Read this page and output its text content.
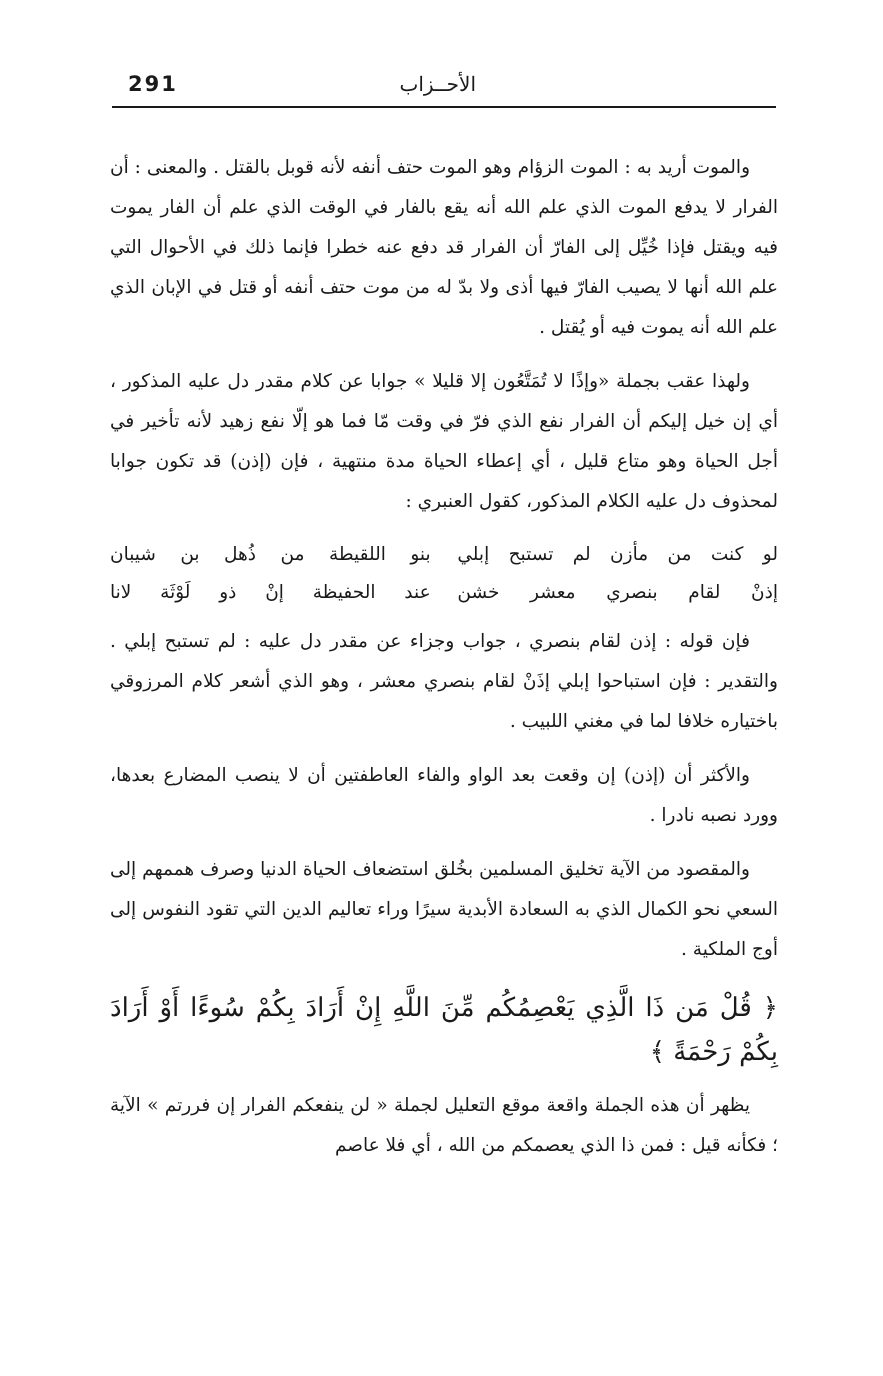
291	الأحــزاب

والموت أريد به : الموت الزؤام وهو الموت حتف أنفه لأنه قوبل بالقتل . والمعنى : أن الفرار لا يدفع الموت الذي علم الله أنه يقع بالفار في الوقت الذي علم أن الفار يموت فيه ويقتل فإذا خُيِّل إلى الفارّ أن الفرار قد دفع عنه خطرا فإنما ذلك في الأحوال التي علم الله أنها لا يصيب الفارّ فيها أذى ولا بدّ له من موت حتف أنفه أو قتل في الإبان الذي علم الله أنه يموت فيه أو يُقتل .

ولهذا عقب بجملة «وإذًا لا تُمَتَّعُون إلا قليلا » جوابا عن كلام مقدر دل عليه المذكور ، أي إن خيل إليكم أن الفرار نفع الذي فرّ في وقت مّا فما هو إلّا نفع زهيد لأنه تأخير في أجل الحياة وهو متاع قليل ، أي إعطاء الحياة مدة منتهية ، فإن (إذن) قد تكون جوابا لمحذوف دل عليه الكلام المذكور، كقول العنبري :

لو كنت من مأزن لم تستبح إبلي
بنو اللقيطة من ذُهل بن شيبان
إذنْ لقام بنصري معشر خشن
عند الحفيظة إنْ ذو لَوْثَة لانا

فإن قوله : إذن لقام بنصري ، جواب وجزاء عن مقدر دل عليه : لم تستبح إبلي . والتقدير : فإن استباحوا إبلي إذَنْ لقام بنصري معشر ، وهو الذي أشعر كلام المرزوقي باختياره خلافا لما في مغني اللبيب .

والأكثر أن (إذن) إن وقعت بعد الواو والفاء العاطفتين أن لا ينصب المضارع بعدها، وورد نصبه نادرا .

والمقصود من الآية تخليق المسلمين بخُلق استضعاف الحياة الدنيا وصرف هممهم إلى السعي نحو الكمال الذي به السعادة الأبدية سيرًا وراء تعاليم الدين التي تقود النفوس إلى أوج الملكية .

﴿ قُلْ مَن ذَا الَّذِي يَعْصِمُكُم مِّنَ اللَّهِ إِنْ أَرَادَ بِكُمْ سُوءًا أَوْ أَرَادَ بِكُمْ رَحْمَةً ﴾

يظهر أن هذه الجملة واقعة موقع التعليل لجملة « لن ينفعكم الفرار إن فررتم » الآية ؛ فكأنه قيل : فمن ذا الذي يعصمكم من الله ، أي فلا عاصم
